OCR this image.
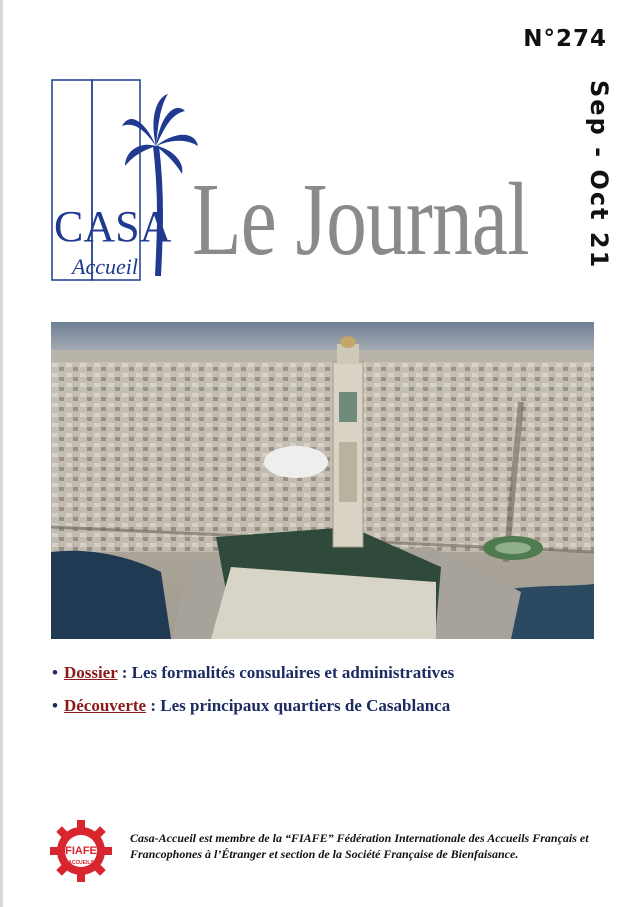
N°274
Sep - Oct 21
CASA
Accueil Le Journal
• Dossier : Les formalités consulaires et administratives
• Découverte : Les principaux quartiers de Casablanca
FIAFE
ACCUEILS
Casa-Accueil est membre de la “FIAFE” Fédération Internationale des Accueils Français et Francophones à l’Étranger et section de la Société Française de Bienfaisance.
